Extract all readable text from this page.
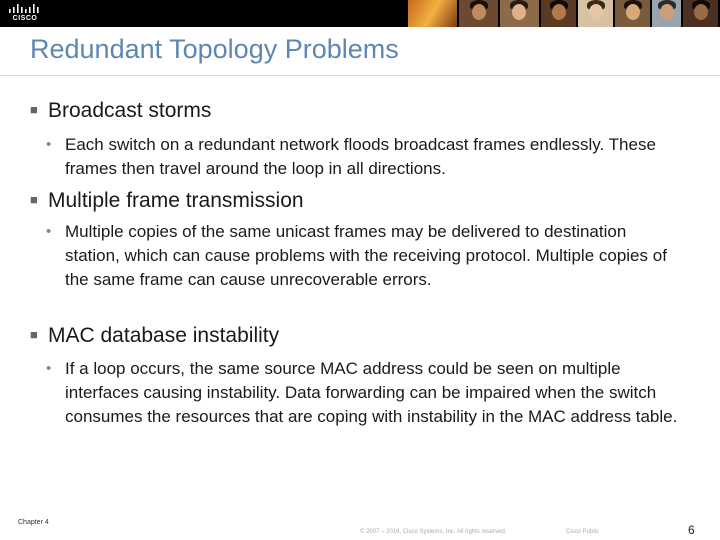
CISCO
Redundant Topology Problems
■ Broadcast storms
• Each switch on a redundant network floods broadcast frames endlessly. These frames then travel around the loop in all directions.
■ Multiple frame transmission
• Multiple copies of the same unicast frames may be delivered to destination station, which can cause problems with the receiving protocol. Multiple copies of the same frame can cause unrecoverable errors.
■ MAC database instability
• If a loop occurs, the same source MAC address could be seen on multiple interfaces causing instability. Data forwarding can be impaired when the switch consumes the resources that are coping with instability in the MAC address table.
Chapter 4
© 2007 – 2016, Cisco Systems, Inc. All rights reserved.	Cisco Public	6
